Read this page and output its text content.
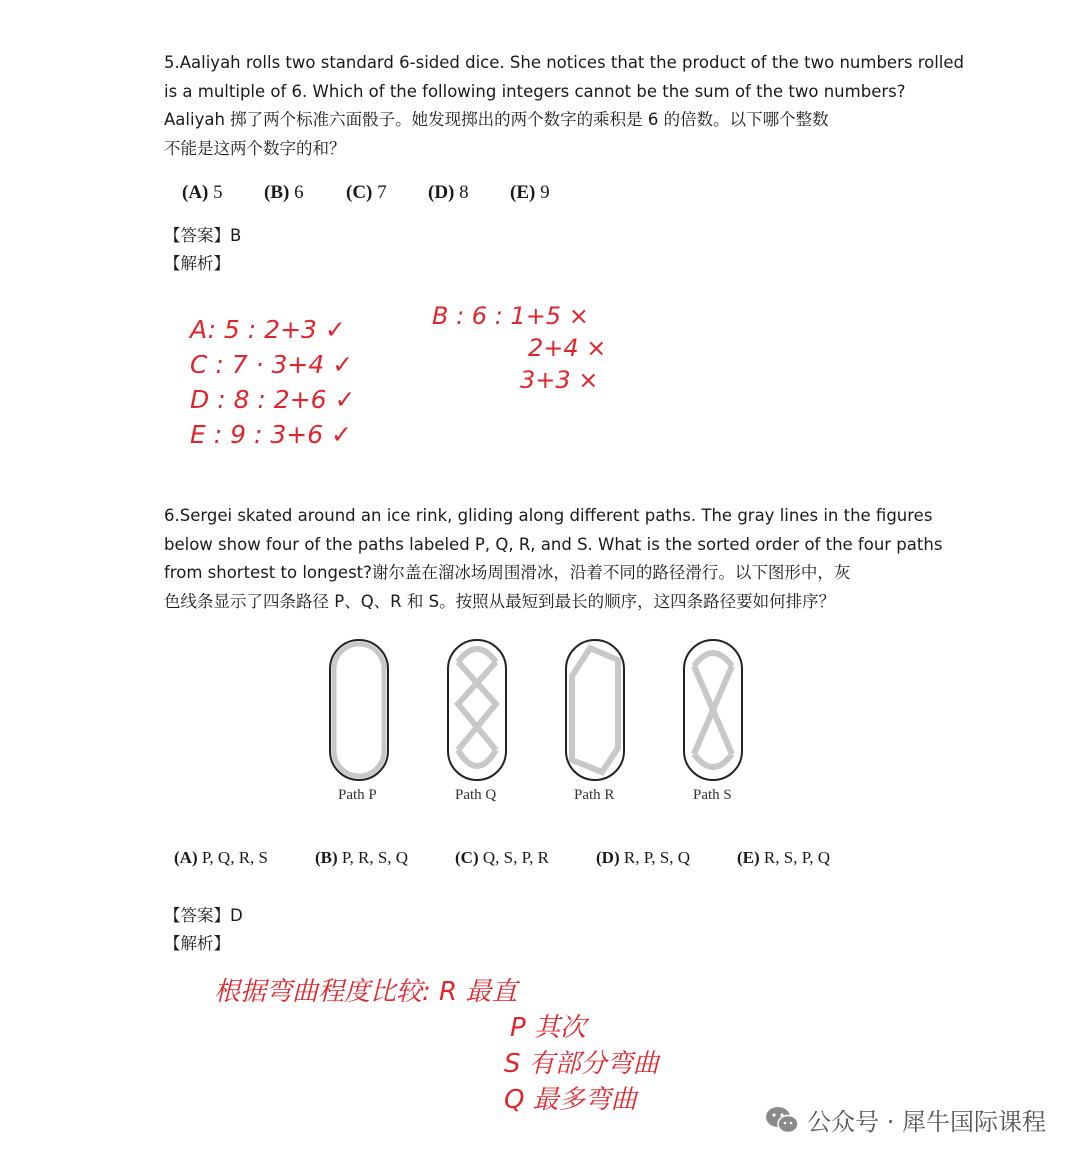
5.Aaliyah rolls two standard 6-sided dice. She notices that the product of the two numbers rolled
is a multiple of 6. Which of the following integers cannot be the sum of the two numbers?
Aaliyah 掷了两个标准六面骰子。她发现掷出的两个数字的乘积是 6 的倍数。以下哪个整数
不能是这两个数字的和？
(A) 5 (B) 6 (C) 7 (D) 8 (E) 9
【答案】B
【解析】
A: 5 : 2+3 ✓
C : 7 · 3+4 ✓
D : 8 : 2+6 ✓
E : 9 : 3+6 ✓
B : 6 : 1+5 ×
2+4 ×
3+3 ×
6.Sergei skated around an ice rink, gliding along different paths. The gray lines in the figures
below show four of the paths labeled P, Q, R, and S. What is the sorted order of the four paths
from shortest to longest?谢尔盖在溜冰场周围滑冰，沿着不同的路径滑行。以下图形中，灰
色线条显示了四条路径 P、Q、R 和 S。按照从最短到最长的顺序，这四条路径要如何排序？
Path P	Path Q	Path R	Path S
(A) P, Q, R, S	(B) P, R, S, Q	(C) Q, S, P, R	(D) R, P, S, Q	(E) R, S, P, Q
【答案】D
【解析】
根据弯曲程度比较: R 最直
P 其次
S 有部分弯曲
Q 最多弯曲
公众号 · 犀牛国际课程
